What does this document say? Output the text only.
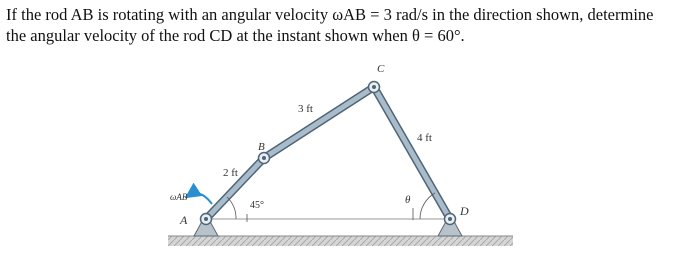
If the rod AB is rotating with an angular velocity ωAB = 3 rad/s in the direction shown, determine

the angular velocity of the rod CD at the instant shown when θ = 60°.

A
B
C
D
ωAB
2 ft
3 ft
4 ft
45°	θ
